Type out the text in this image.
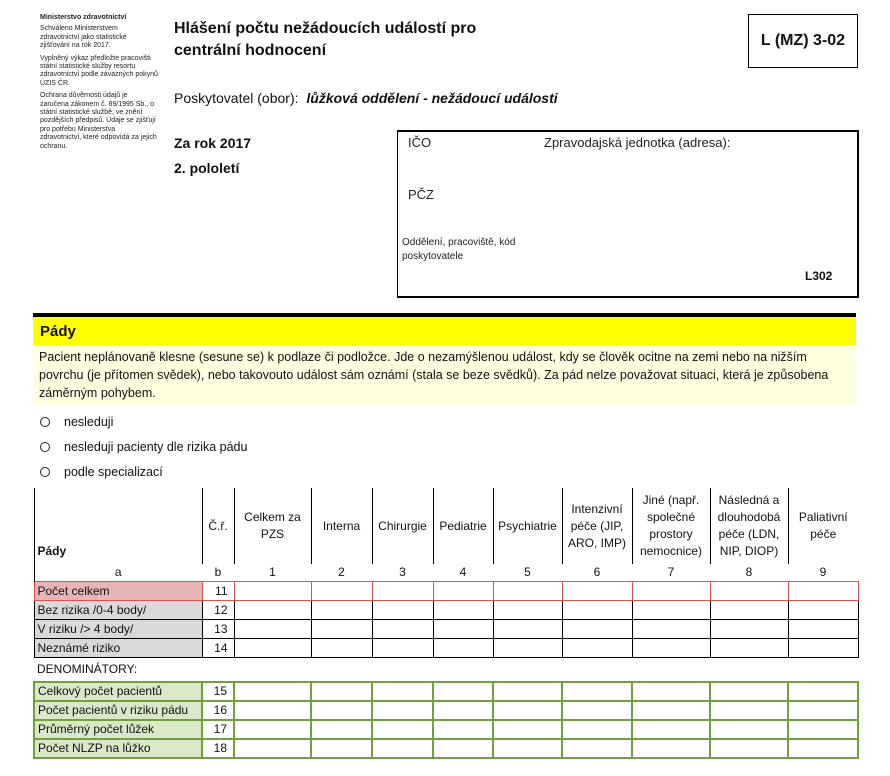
Ministerstvo zdravotnictví
Schváleno Ministerstvem zdravotnictví jako statistické zjišťování na rok 2017.
Vyplněný výkaz předložte pracovišti státní statistické služby resortu zdravotnictví podle závazných pokynů ÚZIS ČR.
Ochrana důvěrnosti údajů je zaručena zákonem č. 89/1995 Sb., o státní statistické službě, ve znění pozdějších předpisů. Údaje se zjišťují pro potřebu Ministerstva zdravotnictví, které odpovídá za jejich ochranu.
Hlášení počtu nežádoucích událostí pro
centrální hodnocení
L (MZ) 3-02
Poskytovatel (obor): lůžková oddělení - nežádoucí události
Za rok 2017
2. pololetí
IČO	Zpravodajská jednotka (adresa):
PČZ
Oddělení, pracoviště, kód poskytovatele
L302
Pády
Pacient neplánovaně klesne (sesune se) k podlaze či podložce. Jde o nezamýšlenou událost, kdy se člověk ocitne na zemi nebo na nižším povrchu (je přítomen svědek), nebo takovouto událost sám oznámí (stala se beze svědků). Za pád nelze považovat situaci, která je způsobena záměrným pohybem.
nesleduji
nesleduji pacienty dle rizika pádu
podle specializací
Pády	Č.ř.	Celkem za PZS	Interna	Chirurgie	Pediatrie	Psychiatrie	Intenzivní péče (JIP, ARO, IMP)	Jiné (např. společné prostory nemocnice)	Následná a dlouhodobá péče (LDN, NIP, DIOP)	Paliativní péče
a	b	1	2	3	4	5	6	7	8	9
Počet celkem	11									
Bez rizika /0-4 body/	12									
V riziku /> 4 body/	13									
Neznámé riziko	14									
DENOMINÁTORY:										
Celkový počet pacientů	15									
Počet pacientů v riziku pádu	16									
Průměrný počet lůžek	17									
Počet NLZP na lůžko	18									
